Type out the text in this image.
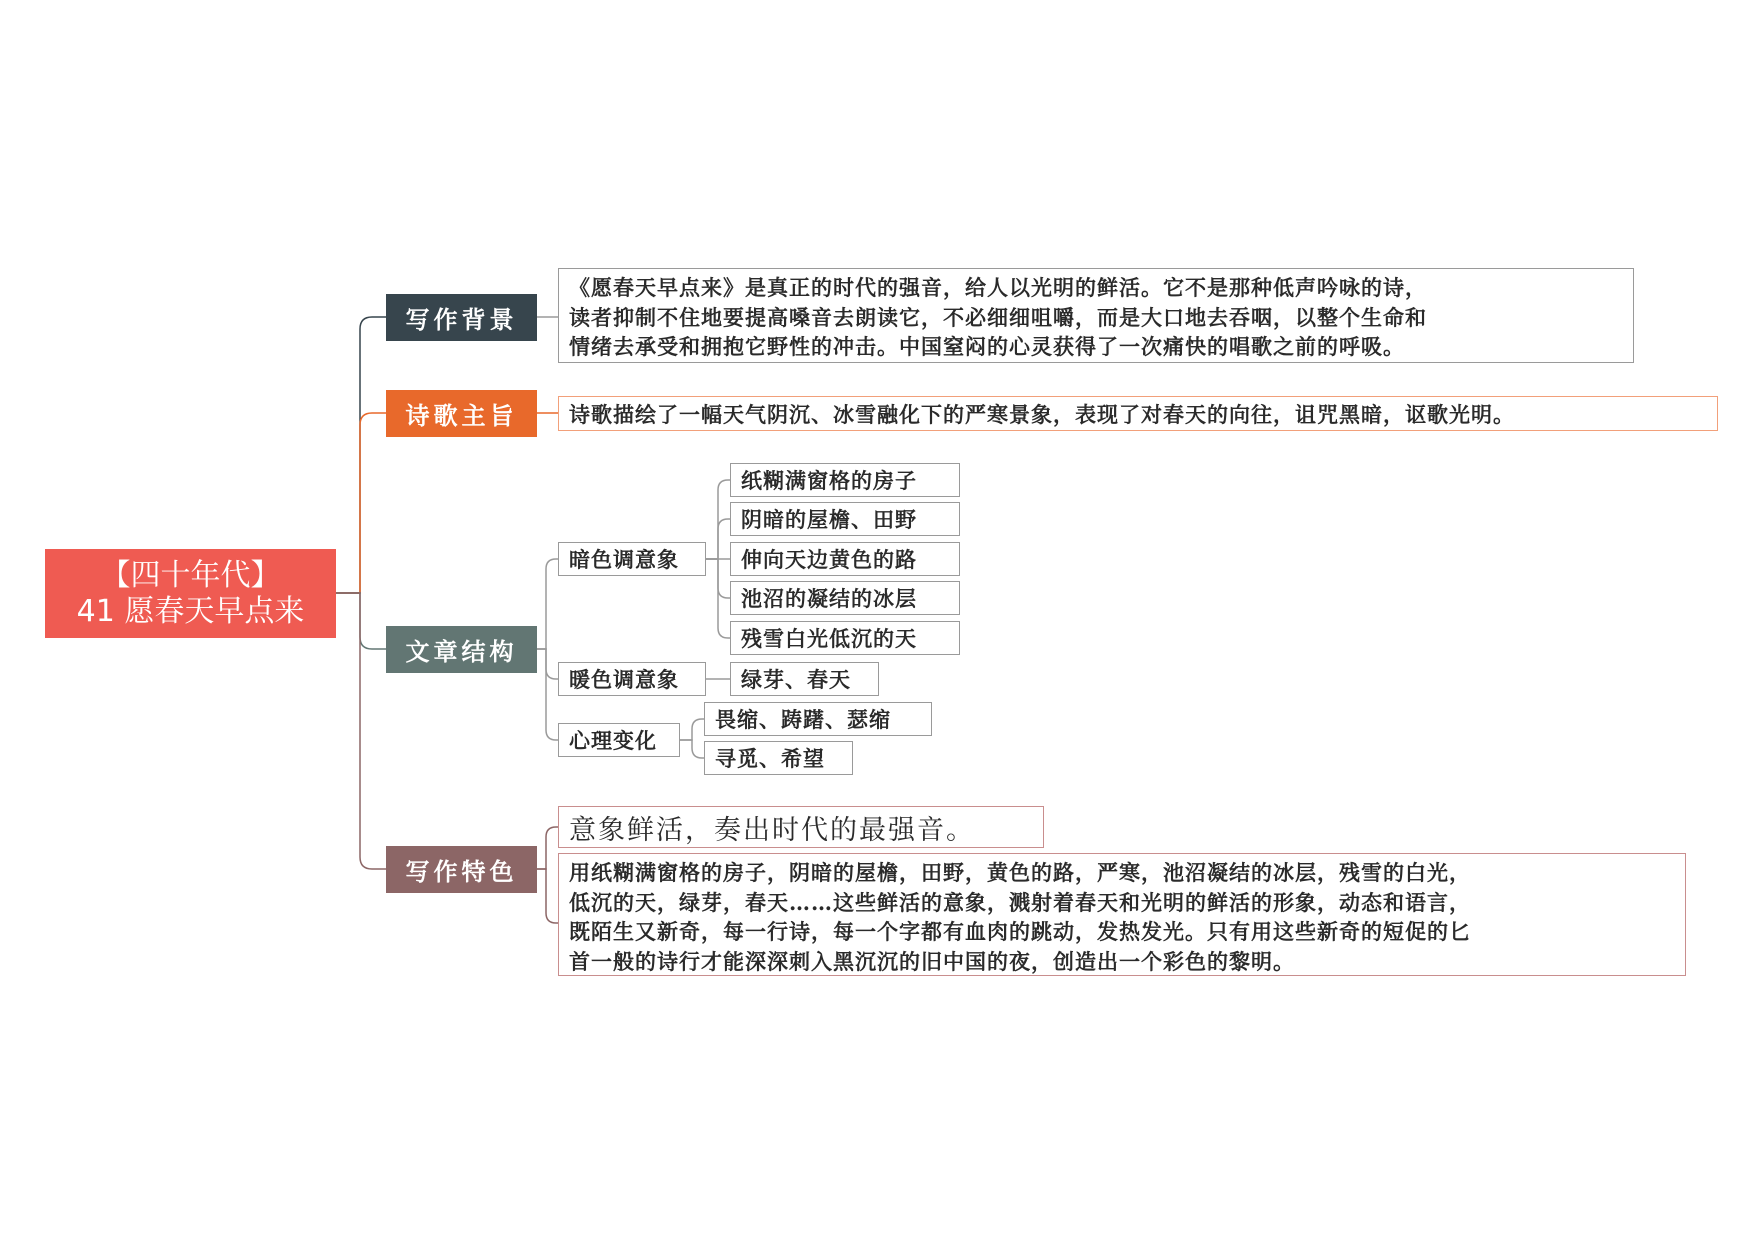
【四十年代】
41 愿春天早点来
写作背景
诗歌主旨
文章结构
写作特色
《愿春天早点来》是真正的时代的强音，给人以光明的鲜活。它不是那种低声吟咏的诗，
读者抑制不住地要提高嗓音去朗读它，不必细细咀嚼，而是大口地去吞咽，以整个生命和
情绪去承受和拥抱它野性的冲击。中国窒闷的心灵获得了一次痛快的唱歌之前的呼吸。
诗歌描绘了一幅天气阴沉、冰雪融化下的严寒景象，表现了对春天的向往，诅咒黑暗，讴歌光明。
暗色调意象
纸糊满窗格的房子
阴暗的屋檐、田野
伸向天边黄色的路
池沼的凝结的冰层
残雪白光低沉的天
暖色调意象	绿芽、春天
心理变化
畏缩、踌躇、瑟缩
寻觅、希望
意象鲜活，奏出时代的最强音。
用纸糊满窗格的房子，阴暗的屋檐，田野，黄色的路，严寒，池沼凝结的冰层，残雪的白光，
低沉的天，绿芽，春天……这些鲜活的意象，溅射着春天和光明的鲜活的形象，动态和语言，
既陌生又新奇，每一行诗，每一个字都有血肉的跳动，发热发光。只有用这些新奇的短促的匕
首一般的诗行才能深深刺入黑沉沉的旧中国的夜，创造出一个彩色的黎明。
